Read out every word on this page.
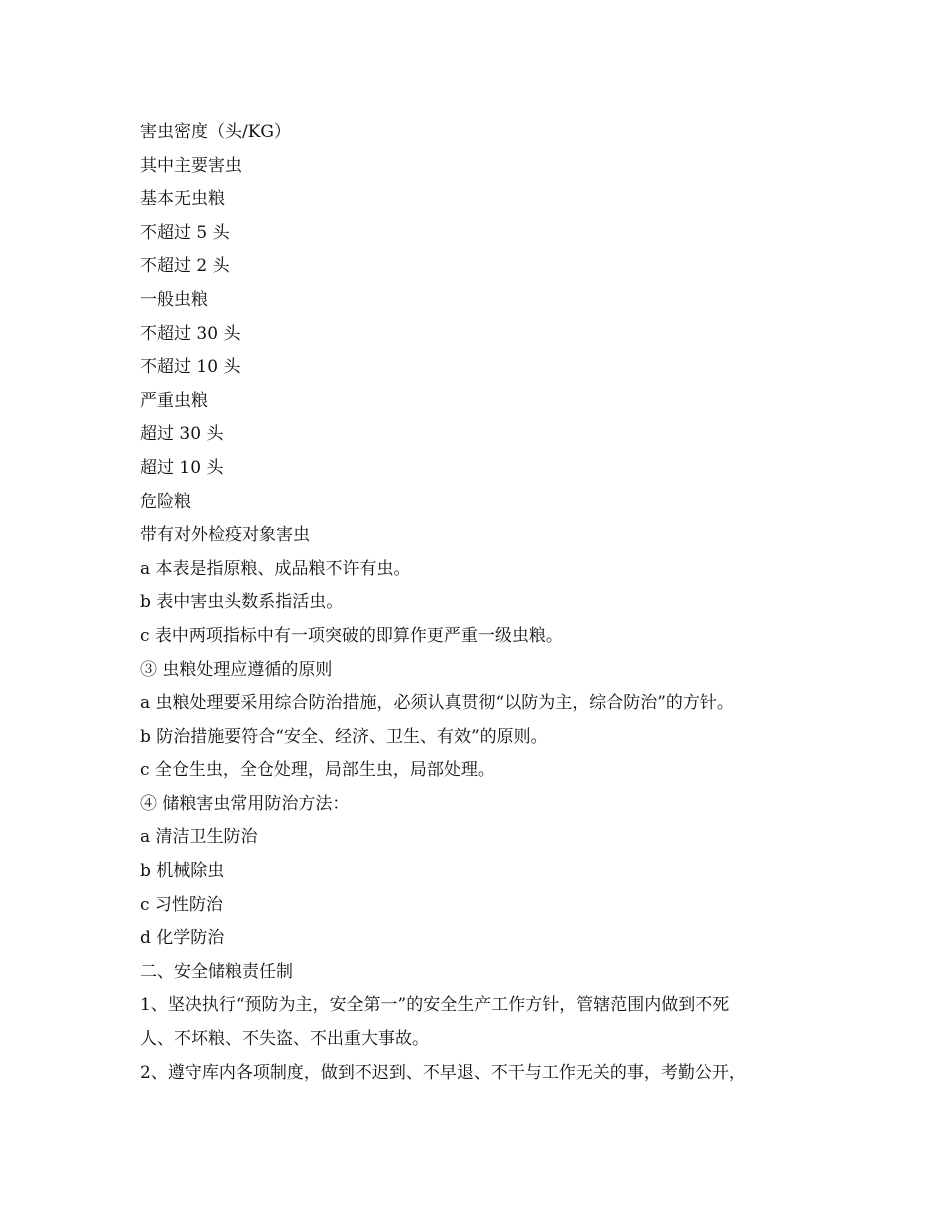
害虫密度（头/KG）
其中主要害虫
基本无虫粮
不超过 5 头
不超过 2 头
一般虫粮
不超过 30 头
不超过 10 头
严重虫粮
超过 30 头
超过 10 头
危险粮
带有对外检疫对象害虫
a 本表是指原粮、成品粮不许有虫。
b 表中害虫头数系指活虫。
c 表中两项指标中有一项突破的即算作更严重一级虫粮。
③ 虫粮处理应遵循的原则
a 虫粮处理要采用综合防治措施，必须认真贯彻“以防为主，综合防治”的方针。
b 防治措施要符合“安全、经济、卫生、有效”的原则。
c 全仓生虫，全仓处理，局部生虫，局部处理。
④ 储粮害虫常用防治方法：
a 清洁卫生防治
b 机械除虫
c 习性防治
d 化学防治
二、安全储粮责任制
1、坚决执行“预防为主，安全第一”的安全生产工作方针，管辖范围内做到不死
人、不坏粮、不失盗、不出重大事故。
2、遵守库内各项制度，做到不迟到、不早退、不干与工作无关的事，考勤公开，
